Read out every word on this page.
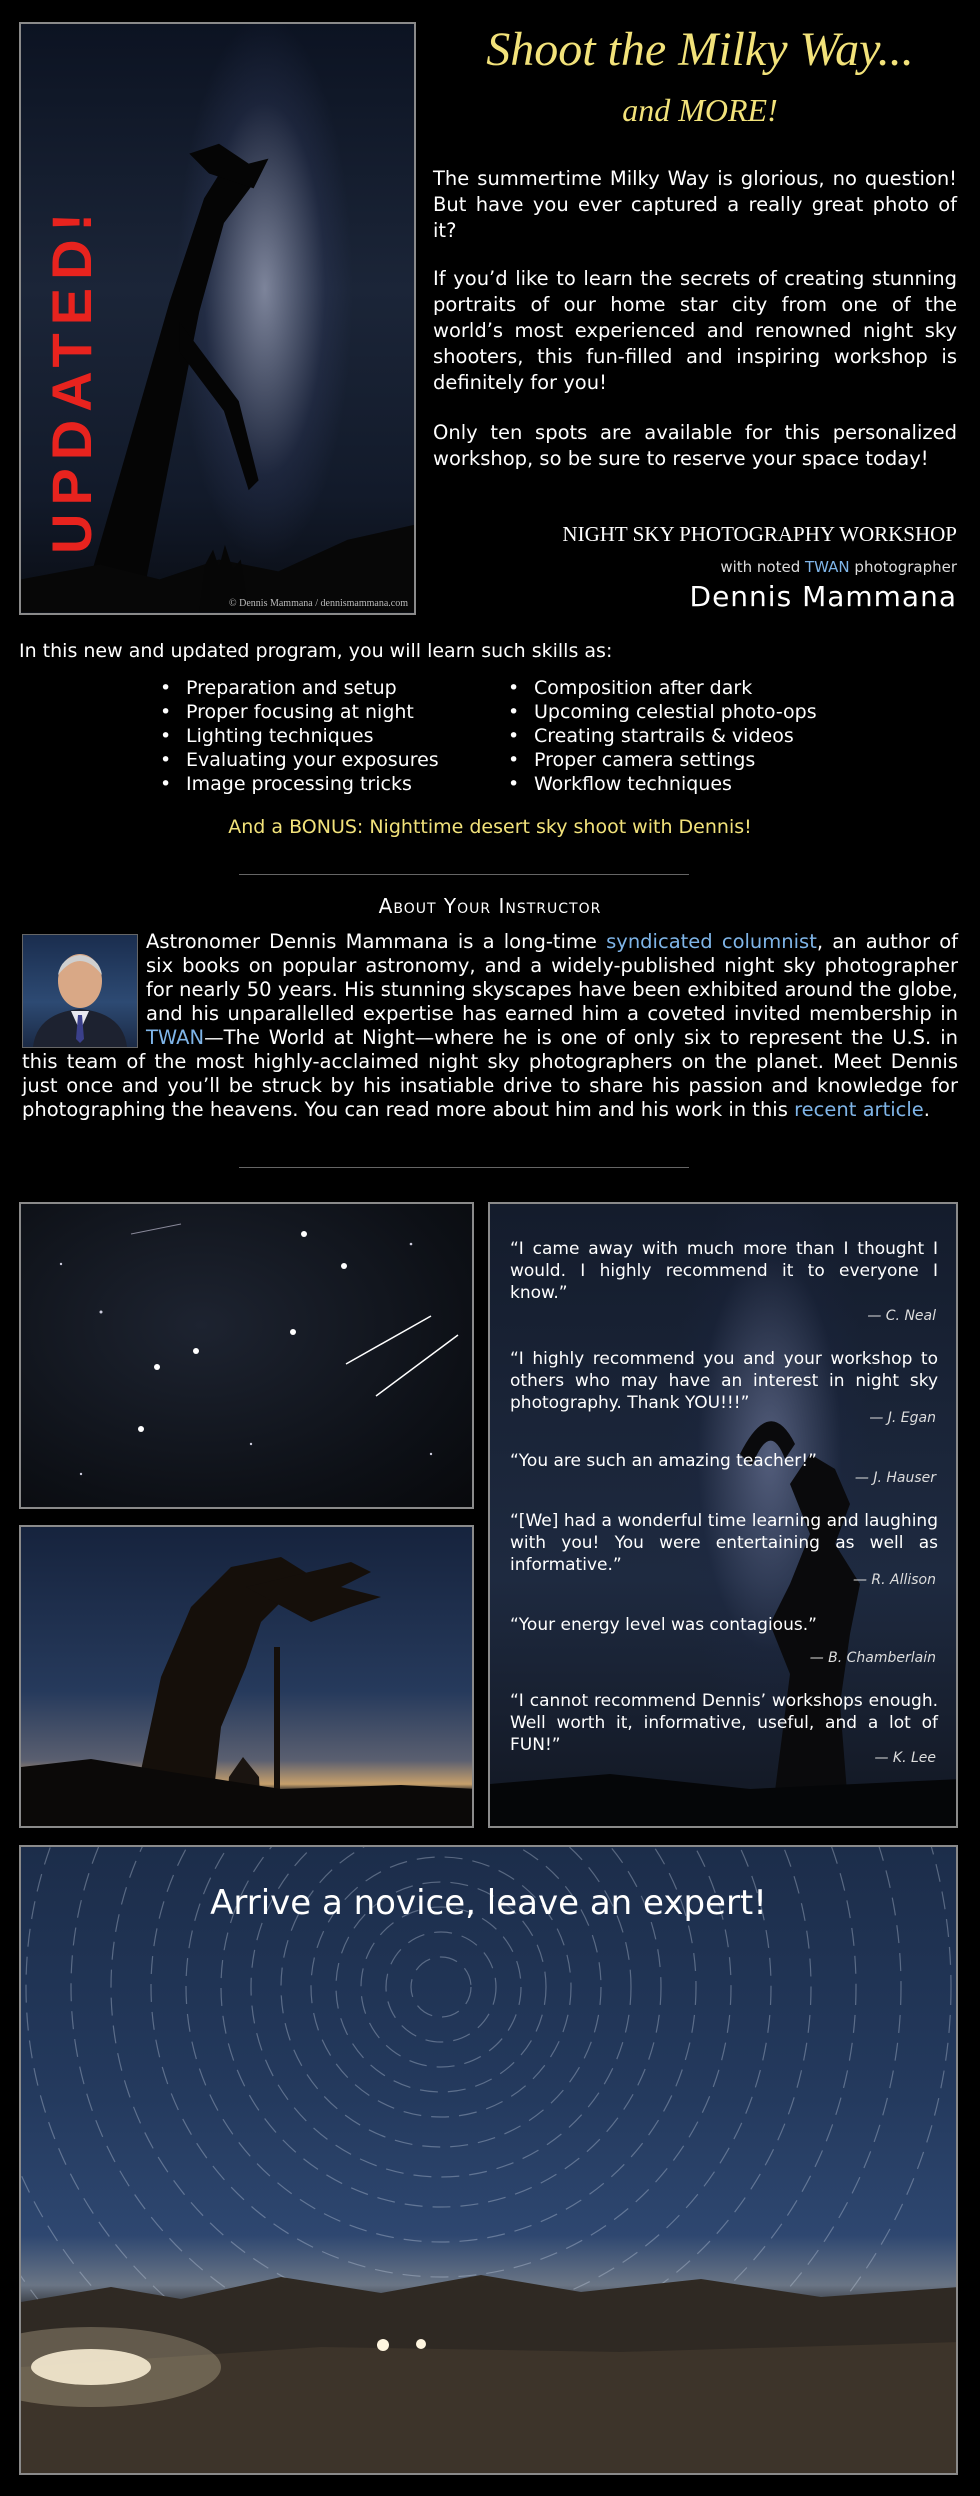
UPDATED!
© Dennis Mammana / dennismammana.com
Shoot the Milky Way...
and MORE!
The summertime Milky Way is glorious, no question! But have you ever captured a really great photo of it?
If you’d like to learn the secrets of creating stunning portraits of our home star city from one of the world’s most experienced and renowned night sky shooters, this fun-filled and inspiring workshop is definitely for you!
Only ten spots are available for this personalized workshop, so be sure to reserve your space today!
NIGHT SKY PHOTOGRAPHY WORKSHOP
with noted TWAN photographer
Dennis Mammana
In this new and updated program, you will learn such skills as:
• Preparation and setup
• Proper focusing at night
• Lighting techniques
• Evaluating your exposures
• Image processing tricks
• Composition after dark
• Upcoming celestial photo-ops
• Creating startrails & videos
• Proper camera settings
• Workflow techniques
And a BONUS: Nighttime desert sky shoot with Dennis!
About Your Instructor
Astronomer Dennis Mammana is a long-time syndicated columnist, an author of six books on popular astronomy, and a widely-published night sky photographer for nearly 50 years. His stunning skyscapes have been exhibited around the globe, and his unparallelled expertise has earned him a coveted invited membership in TWAN—The World at Night—where he is one of only six to represent the U.S. in this team of the most highly-acclaimed night sky photographers on the planet. Meet Dennis just once and you’ll be struck by his insatiable drive to share his passion and knowledge for photographing the heavens. You can read more about him and his work in this recent article.
“I came away with much more than I thought I would. I highly recommend it to everyone I know.”
— C. Neal
“I highly recommend you and your workshop to others who may have an interest in night sky photography. Thank YOU!!!”
— J. Egan
“You are such an amazing teacher!”
— J. Hauser
“[We] had a wonderful time learning and laughing with you! You were entertaining as well as informative.”
— R. Allison
“Your energy level was contagious.”
— B. Chamberlain
“I cannot recommend Dennis’ workshops enough. Well worth it, informative, useful, and a lot of FUN!”
— K. Lee
Arrive a novice, leave an expert!
